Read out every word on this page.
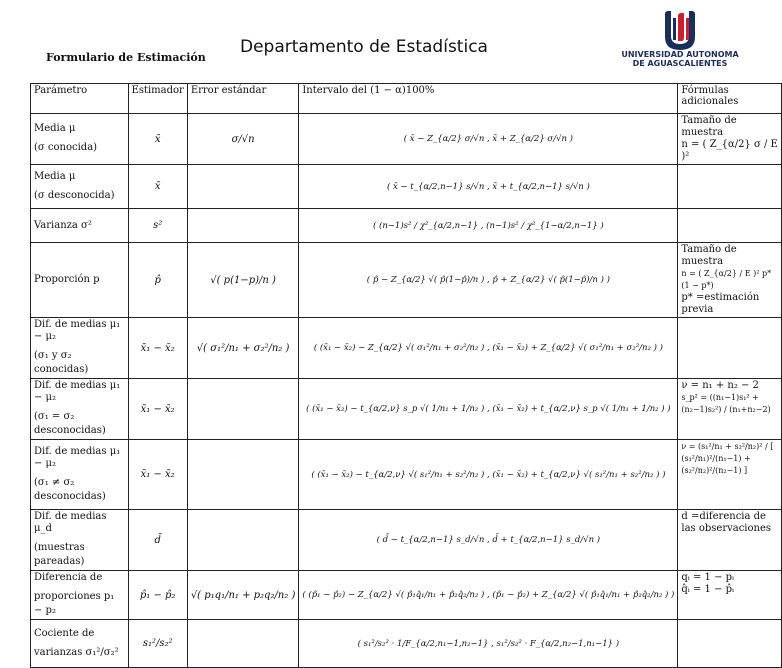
Formulario de Estimación
Departamento de Estadística	UNIVERSIDAD AUTONOMA
DE AGUASCALIENTES
Parámetro	Estimador	Error estándar	Intervalo del (1 − α)100%	Fórmulas adicionales

Media μ
(σ conocida)	x̄	σ/√n	( x̄ − Z_{α/2} σ/√n , x̄ + Z_{α/2} σ/√n )	Tamaño de muestra
n = ( Z_{α/2} σ / E )²

Media μ
(σ desconocida)	x̄		( x̄ − t_{α/2,n−1} s/√n , x̄ + t_{α/2,n−1} s/√n )	

Varianza σ²	s²		( (n−1)s² / χ²_{α/2,n−1} , (n−1)s² / χ²_{1−α/2,n−1} )	

Proporción p	p̂	√( p(1−p)/n )	( p̂ − Z_{α/2} √( p̂(1−p̂)/n ) , p̂ + Z_{α/2} √( p̂(1−p̂)/n ) )	Tamaño de muestra
n = ( Z_{α/2} / E )² p*(1 − p*)
p* =estimación previa

Dif. de medias μ₁ − μ₂
(σ₁ y σ₂ conocidas)	x̄₁ − x̄₂	√( σ₁²/n₁ + σ₂²/n₂ )	( (x̄₁ − x̄₂) − Z_{α/2} √( σ₁²/n₁ + σ₂²/n₂ ) , (x̄₁ − x̄₂) + Z_{α/2} √( σ₁²/n₁ + σ₂²/n₂ ) )	

Dif. de medias μ₁ − μ₂
(σ₁ = σ₂ desconocidas)	x̄₁ − x̄₂		( (x̄₁ − x̄₂) − t_{α/2,ν} s_p √( 1/n₁ + 1/n₂ ) , (x̄₁ − x̄₂) + t_{α/2,ν} s_p √( 1/n₁ + 1/n₂ ) )	ν = n₁ + n₂ − 2
s_p² = ((n₁−1)s₁² + (n₂−1)s₂²) / (n₁+n₂−2)

Dif. de medias μ₁ − μ₂
(σ₁ ≠ σ₂ desconocidas)	x̄₁ − x̄₂		( (x̄₁ − x̄₂) − t_{α/2,ν} √( s₁²/n₁ + s₂²/n₂ ) , (x̄₁ − x̄₂) + t_{α/2,ν} √( s₁²/n₁ + s₂²/n₂ ) )	ν = (s₁²/n₁ + s₂²/n₂)² / [ (s₁²/n₁)²/(n₁−1) + (s₂²/n₂)²/(n₂−1) ]

Dif. de medias μ_d
(muestras pareadas)	d̄		( d̄ − t_{α/2,n−1} s_d/√n , d̄ + t_{α/2,n−1} s_d/√n )	d =diferencia de
las observaciones

Diferencia de
proporciones p₁ − p₂	p̂₁ − p̂₂	√( p₁q₁/n₁ + p₂q₂/n₂ )	( (p̂₁ − p̂₂) − Z_{α/2} √( p̂₁q̂₁/n₁ + p̂₂q̂₂/n₂ ) , (p̂₁ − p̂₂) + Z_{α/2} √( p̂₁q̂₁/n₁ + p̂₂q̂₂/n₂ ) )	qᵢ = 1 − pᵢ
q̂ᵢ = 1 − p̂ᵢ

Cociente de
varianzas σ₁²/σ₂²	s₁²/s₂²		( s₁²/s₂² · 1/F_{α/2,n₁−1,n₂−1} , s₁²/s₂² · F_{α/2,n₂−1,n₁−1} )	
